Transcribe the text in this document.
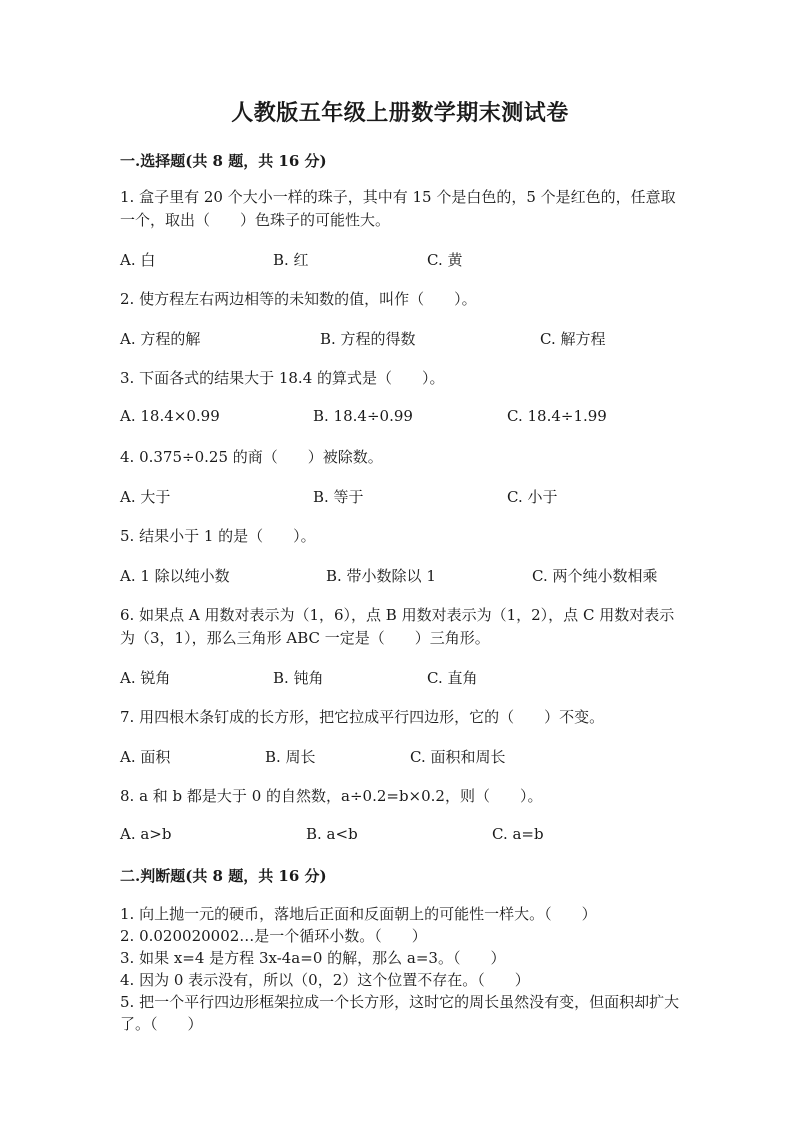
人教版五年级上册数学期末测试卷
一.选择题(共 8 题，共 16 分)
1. 盒子里有 20 个大小一样的珠子，其中有 15 个是白色的，5 个是红色的，任意取一个，取出（　　）色珠子的可能性大。
A. 白	B. 红	C. 黄
2. 使方程左右两边相等的未知数的值，叫作（　　）。
A. 方程的解	B. 方程的得数	C. 解方程
3. 下面各式的结果大于 18.4 的算式是（　　）。
A. 18.4×0.99	B. 18.4÷0.99	C. 18.4÷1.99
4. 0.375÷0.25 的商（　　）被除数。
A. 大于	B. 等于	C. 小于
5. 结果小于 1 的是（　　）。
A. 1 除以纯小数	B. 带小数除以 1	C. 两个纯小数相乘
6. 如果点 A 用数对表示为（1，6），点 B 用数对表示为（1，2），点 C 用数对表示为（3，1），那么三角形 ABC 一定是（　　）三角形。
A. 锐角	B. 钝角	C. 直角
7. 用四根木条钉成的长方形，把它拉成平行四边形，它的（　　）不变。
A. 面积	B. 周长	C. 面积和周长
8. a 和 b 都是大于 0 的自然数，a÷0.2=b×0.2，则（　　）。
A. a>b	B. a<b	C. a=b
二.判断题(共 8 题，共 16 分)
1. 向上抛一元的硬币，落地后正面和反面朝上的可能性一样大。（　　）
2. 0.020020002…是一个循环小数。（　　）
3. 如果 x=4 是方程 3x-4a=0 的解，那么 a=3。（　　）
4. 因为 0 表示没有，所以（0，2）这个位置不存在。（　　）
5. 把一个平行四边形框架拉成一个长方形，这时它的周长虽然没有变，但面积却扩大了。（　　）
